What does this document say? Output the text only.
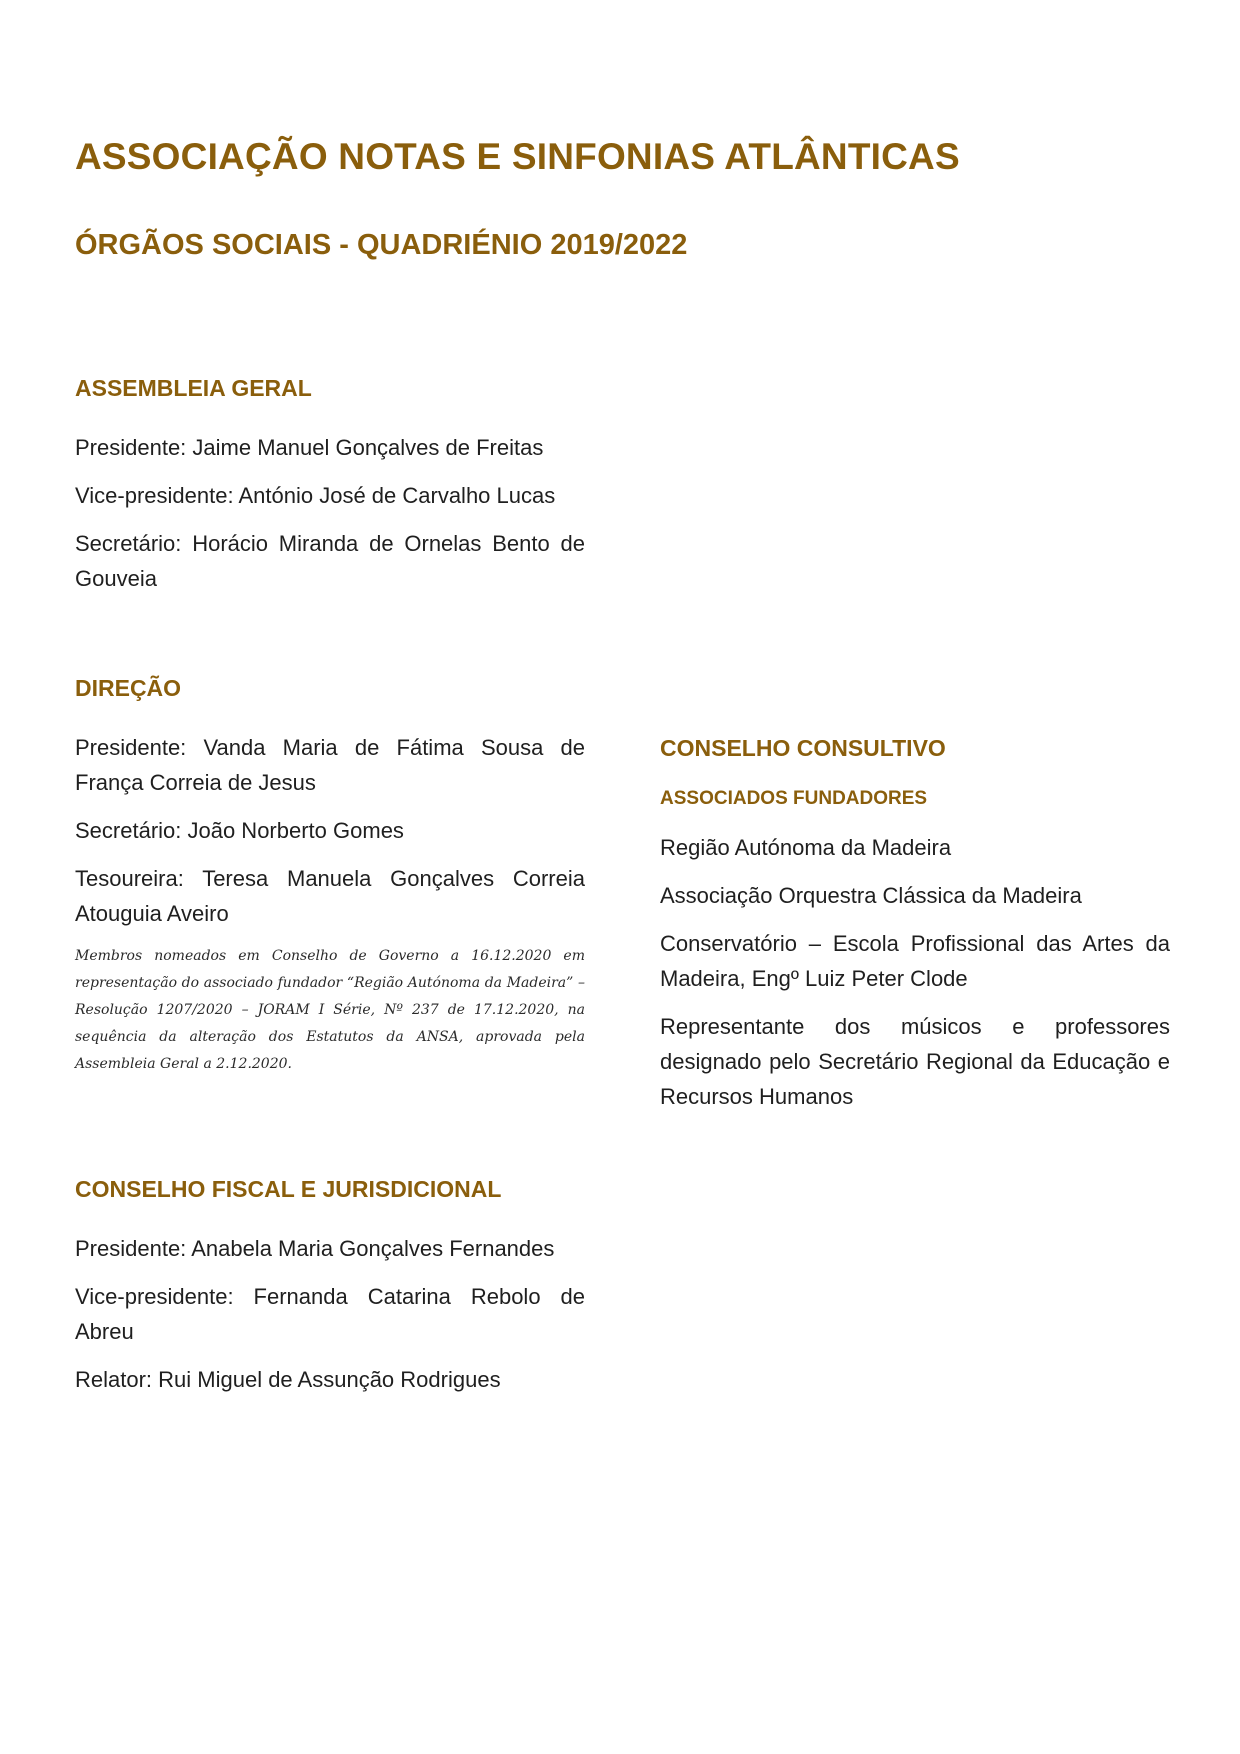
ASSOCIAÇÃO NOTAS E SINFONIAS ATLÂNTICAS
ÓRGÃOS SOCIAIS - QUADRIÉNIO 2019/2022
ASSEMBLEIA GERAL

Presidente: Jaime Manuel Gonçalves de Freitas

Vice-presidente: António José de Carvalho Lucas

Secretário: Horácio Miranda de Ornelas Bento de Gouveia

DIREÇÃO

Presidente: Vanda Maria de Fátima Sousa de França Correia de Jesus

Secretário: João Norberto Gomes

Tesoureira: Teresa Manuela Gonçalves Correia Atouguia Aveiro

Membros nomeados em Conselho de Governo a 16.12.2020 em representação do associado fundador “Região Autónoma da Madeira” – Resolução 1207/2020 – JORAM I Série, Nº 237 de 17.12.2020, na sequência da alteração dos Estatutos da ANSA, aprovada pela Assembleia Geral a 2.12.2020.

CONSELHO FISCAL E JURISDICIONAL

Presidente: Anabela Maria Gonçalves Fernandes

Vice-presidente: Fernanda Catarina Rebolo de Abreu

Relator: Rui Miguel de Assunção Rodrigues

CONSELHO CONSULTIVO
ASSOCIADOS FUNDADORES

Região Autónoma da Madeira

Associação Orquestra Clássica da Madeira

Conservatório – Escola Profissional das Artes da Madeira, Engº Luiz Peter Clode

Representante dos músicos e professores designado pelo Secretário Regional da Educação e Recursos Humanos
